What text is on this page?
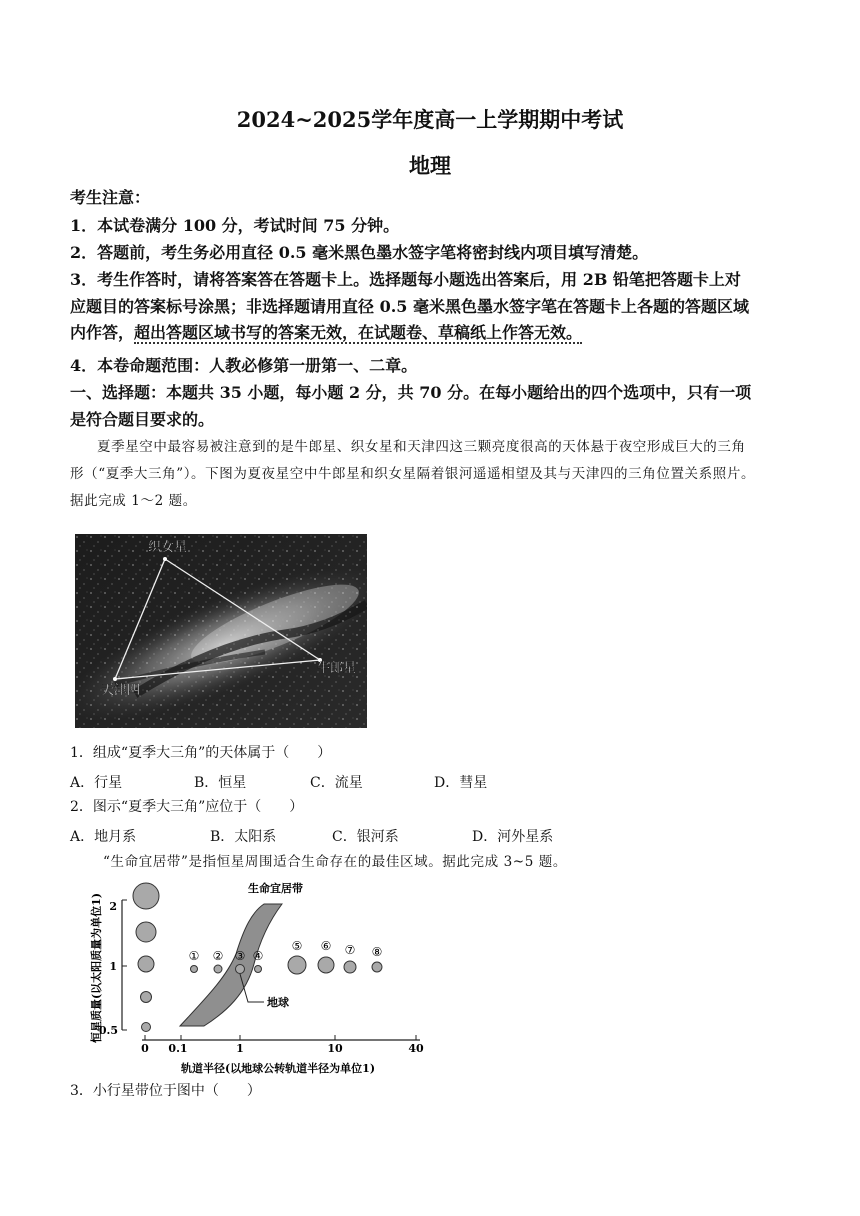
2024~2025学年度高一上学期期中考试
地理
考生注意：
1．本试卷满分 100 分，考试时间 75 分钟。
2．答题前，考生务必用直径 0.5 毫米黑色墨水签字笔将密封线内项目填写清楚。
3．考生作答时，请将答案答在答题卡上。选择题每小题选出答案后，用 2B 铅笔把答题卡上对
应题目的答案标号涂黑；非选择题请用直径 0.5 毫米黑色墨水签字笔在答题卡上各题的答题区域
内作答，超出答题区域书写的答案无效，在试题卷、草稿纸上作答无效。
4．本卷命题范围：人教必修第一册第一、二章。
一、选择题：本题共 35 小题，每小题 2 分，共 70 分。在每小题给出的四个选项中，只有一项
是符合题目要求的。
夏季星空中最容易被注意到的是牛郎星、织女星和天津四这三颗亮度很高的天体悬于夜空形成巨大的三角
形（“夏季大三角”）。下图为夏夜星空中牛郎星和织女星隔着银河遥遥相望及其与天津四的三角位置关系照片。
据此完成 1～2 题。
织女星
牛郎星
天津四
1．组成“夏季大三角”的天体属于（　　）
A．行星	B．恒星	C．流星	D．彗星
2．图示“夏季大三角”应位于（　　）
A．地月系	B．太阳系	C．银河系	D．河外星系
“生命宜居带”是指恒星周围适合生命存在的最佳区域。据此完成 3~5 题。
恒星质量(以太阳质量为单位1) 2
1
0.5
0 0.1	1	10	40
轨道半径(以地球公转轨道半径为单位1)
生命宜居带
① ② ③ ④
⑤ ⑥ ⑦ ⑧
地球
3．小行星带位于图中（　　）
